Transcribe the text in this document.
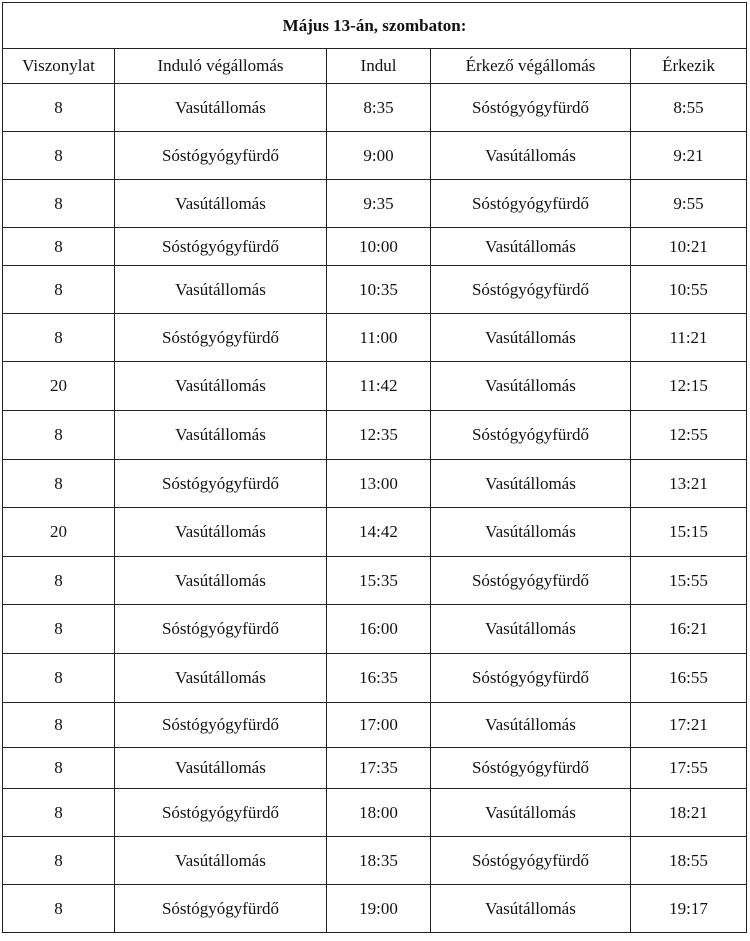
Május 13-án, szombaton:				
Viszonylat	Induló végállomás	Indul	Érkező végállomás	Érkezik
8	Vasútállomás	8:35	Sóstógyógyfürdő	8:55
8	Sóstógyógyfürdő	9:00	Vasútállomás	9:21
8	Vasútállomás	9:35	Sóstógyógyfürdő	9:55
8	Sóstógyógyfürdő	10:00	Vasútállomás	10:21
8	Vasútállomás	10:35	Sóstógyógyfürdő	10:55
8	Sóstógyógyfürdő	11:00	Vasútállomás	11:21
20	Vasútállomás	11:42	Vasútállomás	12:15
8	Vasútállomás	12:35	Sóstógyógyfürdő	12:55
8	Sóstógyógyfürdő	13:00	Vasútállomás	13:21
20	Vasútállomás	14:42	Vasútállomás	15:15
8	Vasútállomás	15:35	Sóstógyógyfürdő	15:55
8	Sóstógyógyfürdő	16:00	Vasútállomás	16:21
8	Vasútállomás	16:35	Sóstógyógyfürdő	16:55
8	Sóstógyógyfürdő	17:00	Vasútállomás	17:21
8	Vasútállomás	17:35	Sóstógyógyfürdő	17:55
8	Sóstógyógyfürdő	18:00	Vasútállomás	18:21
8	Vasútállomás	18:35	Sóstógyógyfürdő	18:55
8	Sóstógyógyfürdő	19:00	Vasútállomás	19:17
